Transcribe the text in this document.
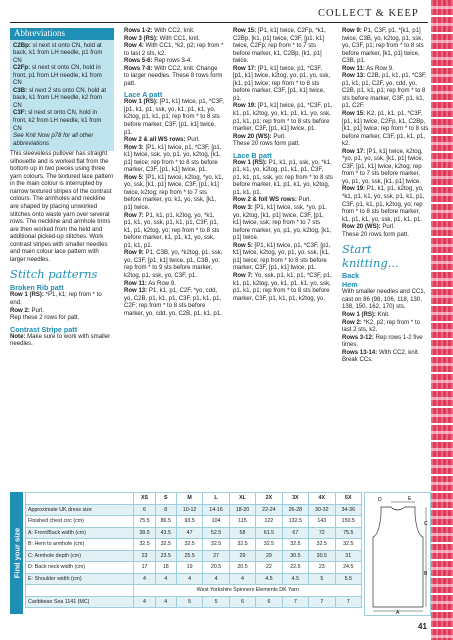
COLLECT & KEEP
Abbreviations

C2Bp: sl next st onto CN, hold at back, k1 from LH needle, p1 from CN

C2Fp: sl next st onto CN, hold in front, p1 from LH needle, k1 from CN

C3B: sl next 2 sts onto CN, hold at back, k1 from LH needle, k2 from CN

C3F: sl next st onto CN, hold in front, k2 from LH needle, k1 from CN

See Knit Now p78 for all other abbreviations

This sleeveless pullover has straight silhouette and is worked flat from the bottom up in two pieces using three yarn colours. The textured lace pattern in the main colour is interrupted by narrow textured stripes of the contrast colours. The armholes and neckline are shaped by placing unworked stitches onto waste yarn over several rows. The neckline and armhole trims are then worked from the held and additional picked-up stitches. Work contrast stripes with smaller needles and main colour lace pattern with larger needles.

Stitch patterns
Broken Rib patt

Row 1 (RS): *P1, k1; rep from * to end.

Row 2: Purl.

Rep these 2 rows for patt.

Contrast Stripe patt

Note: Make sure to work with smaller needles.

Rows 1-2: With CC2, knit.

Row 3 (RS): With CC1, knit.

Row 4: With CC1, *k2, p2; rep from * to last 2 sts, k2.

Rows 5-6: Rep rows 3-4.

Rows 7-8: With CC2, knit. Change to larger needles. These 8 rows form patt.

Lace A patt

Row 1 (RS): [P1, k1] twice, p1, *C3F, [p1, k1, p1, ssk, yo, k1, p1, k1, yo, k2tog, p1, k1, p1; rep from * to 8 sts before marker, C3F, [p1, k1] twice, p1.

Row 2 & all WS rows: Purl.

Row 3: [P1, k1] twice, p1, *C3F, [p1, k1] twice, ssk, yo, p1, yo, k2tog, [k1, p1] twice; rep from * to 8 sts before marker, C3F, [p1, k1] twice, p1.

Row 5: [P1, k1] twice, k2tog, *yo, k1, yo, ssk, [k1, p1] twice, C3F, [p1, k1] twice, k2tog; rep from * to 7 sts before marker, yo, k1, yo, ssk, [k1, p1] twice.

Row 7: P1, k1, p1, k2tog, yo, *k1, p1, k1, yo, ssk, p1, k1, p1, C3F, p1, k1, p1, k2tog, yo; rep from * to 8 sts before marker, k1, p1, k1, yo, ssk, p1, k1, p1.

Row 9: P1, C3B, yo, *k2tog, p1, ssk, yo, C3F, [p1, k1] twice, p1, C3B, yo; rep from * to 9 sts before marker, k2tog, p1, ssk, yo, C3F, p1.

Row 11: As Row 9.

Row 13: P1, k1, p1, C2F, *yo, cdd, yo, C2B, p1, k1, p1, C3F, p1, k1, p1, C2F; rep from * to 8 sts before marker, yo, cdd, yo, C2B, p1, k1, p1.

Row 15: [P1, k1] twice, C2Fp, *k1, C2Bp, [k1, p1] twice, C3F, [p1, k1] twice, C2Fp; rep from * to 7 sts before marker, k1, C2Bp, [k1, p1] twice.

Row 17: [P1, k1] twice, p1, *C3F, [p1, k1] twice, k2tog, yo, p1, yo, ssk, [k1, p1] twice; rep from * to 8 sts before marker, C3F, [p1, k1] twice, p1.

Row 19: [P1, k1] twice, p1, *C3F, p1, k1, p1, k2tog, yo, k1, p1, k1, yo, ssk, p1, k1, p1; rep from * to 8 sts before marker, C3F, [p1, k1] twice, p1.

Row 20 (WS): Purl.

These 20 rows form patt.

Lace B patt

Row 1 (RS): P1, k1, p1, ssk, yo, *k1, p1, k1, yo, k2tog, p1, k1, p1, C3F, p1, k1, p1, ssk, yo; rep from * to 8 sts before marker, k1, p1, k1, yo, k2tog, p1, k1, p1.

Row 2 & foll WS rows: Purl.

Row 3: [P1, k1] twice, ssk, *yo, p1, yo, k2tog, [k1, p1] twice, C3F, [p1, k1] twice, ssk; rep from * to 7 sts before marker, yo, p1, yo, k2tog, [k1, p1] twice.

Row 5: [P1, k1] twice, p1, *C3F, [p1, k1] twice, k2tog, yo, p1, yo, ssk, [k1, p1] twice; rep from * to 8 sts before marker, C3F, [p1, k1] twice, p1.

Row 7: Yo, ssk, p1, k1, p1, *C3F, p1, k1, p1, k2tog, yo, k1, p1, k1, yo, ssk, p1, k1, p1; rep from * to 8 sts before marker, C3F, p1, k1, p1, k2tog, yo.

Row 9: P1, C3F, p1, *[k1, p1] twice, C3B, yo, k2tog, p1, ssk, yo, C3F, p1; rep from * to 8 sts before marker, [k1, p1] twice, C3B, p1.

Row 11: As Row 9.

Row 13: C2B, p1, k1, p1, *C3F, p1, k1, p1, C2F, yo, cdd, yo, C2B, p1, k1, p1; rep from * to 8 sts before marker, C3F, p1, k1, p1, C2F.

Row 15: K2, p1, k1, p1, *C3F, [p1, k1] twice, C2Fp, k1, C2Bp, [k1, p1] twice; rep from * to 8 sts before marker, C3F, p1, k1, p1, k2.

Row 17: [P1, k1] twice, k2tog, *yo, p1, yo, ssk, [k1, p1] twice, C3F, [p1, k1] twice, k2tog; rep from * to 7 sts before marker, yo, p1, yo, ssk, [k1, p1] twice.

Row 19: P1, k1, p1, k2tog, yo, *k1, p1, k1, yo, ssk, p1, k1, p1, C3F, p1, k1, p1, k2tog, yo; rep from * to 8 sts before marker, k1, p1, k1, yo, ssk, p1, k1, p1.

Row 20 (WS): Purl.

These 20 rows form patt.

Start knitting...
Back
Hem

With smaller needles and CC1, cast on 86 (98, 106, 118, 130, 138, 150, 162, 170) sts.

Row 1 (RS): Knit.

Row 2: *K2, p2; rep from * to last 2 sts, k2.

Rows 3-12: Rep rows 1-2 five times.

Rows 13-14: With CC2, knit. Break CCs.

Find your size
	XS	S	M	L	XL	2X	3X	4X	5X
Approximate UK dress size	6	8	10-12	14-16	18-20	22-24	26-28	30-32	34-36
Finished chest circ (cm)	75.5	86.5	93.5	104	115	122	132.5	143	150.5
A: Front/Back width (cm)	38.5	43.5	47	52.5	58	61.5	67	72	75.5
B: Hem to armhole (cm)	32.5	32.5	32.5	32.5	32.5	32.5	32.5	32.5	32.5
C: Armhole depth (cm)	23	23.5	25.5	27	29	29	30.5	30.5	31
D: Back neck width (cm)	17	18	19	20.5	20.5	22	22.5	23	24.5
E: Shoulder width (cm)	4	4	4	4	4	4.5	4.5	5	5.5
	West Yorkshire Spinners Elements DK Yarn								
Caribbean Sea 1141 (MC)	4	4	5	5	6	6	7	7	7
A
B
C
D	E
41
